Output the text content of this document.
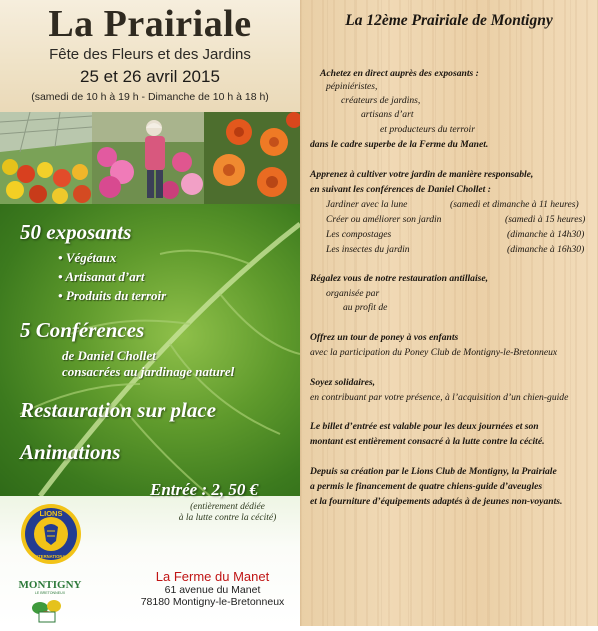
La Prairiale
Fête des Fleurs et des Jardins
25 et 26 avril 2015
(samedi de 10 h à 19 h - Dimanche de 10 h à 18 h)
50 exposants
• Végétaux
• Artisanat d’art
• Produits du terroir
5 Conférences
de Daniel Chollet
consacrées au jardinage naturel
Restauration sur place
Animations
Entrée : 2, 50 €
(entièrement dédiée
à la lutte contre la cécité)
LIONS
INTERNATIONAL
MONTIGNY
LE BRETONNEUX
La Ferme du Manet
61 avenue du Manet
78180 Montigny-le-Bretonneux
La 12ème Prairiale de Montigny
Achetez en direct auprès des exposants :
pépiniéristes,
créateurs de jardins,
artisans d’art
et producteurs du terroir
dans le cadre superbe de la Ferme du Manet.
Apprenez à cultiver votre jardin de manière responsable,
en suivant les conférences de Daniel Chollet :
Jardiner avec la lune	(samedi et dimanche à 11 heures)
Créer ou améliorer son jardin	(samedi à 15 heures)
Les compostages	(dimanche à 14h30)
Les insectes du jardin	(dimanche à 16h30)
Régalez vous de notre restauration antillaise,
organisée par
au profit de
Offrez un tour de poney à vos enfants
avec la participation du Poney Club de Montigny-le-Bretonneux
Soyez solidaires,
en contribuant par votre présence, à l’acquisition d’un chien-guide
Le billet d’entrée est valable pour les deux journées et son
montant est entièrement consacré à la lutte contre la cécité.
Depuis sa création par le Lions Club de Montigny, la Prairiale
a permis le financement de quatre chiens-guide d’aveugles
et la fourniture d’équipements adaptés à de jeunes non-voyants.
